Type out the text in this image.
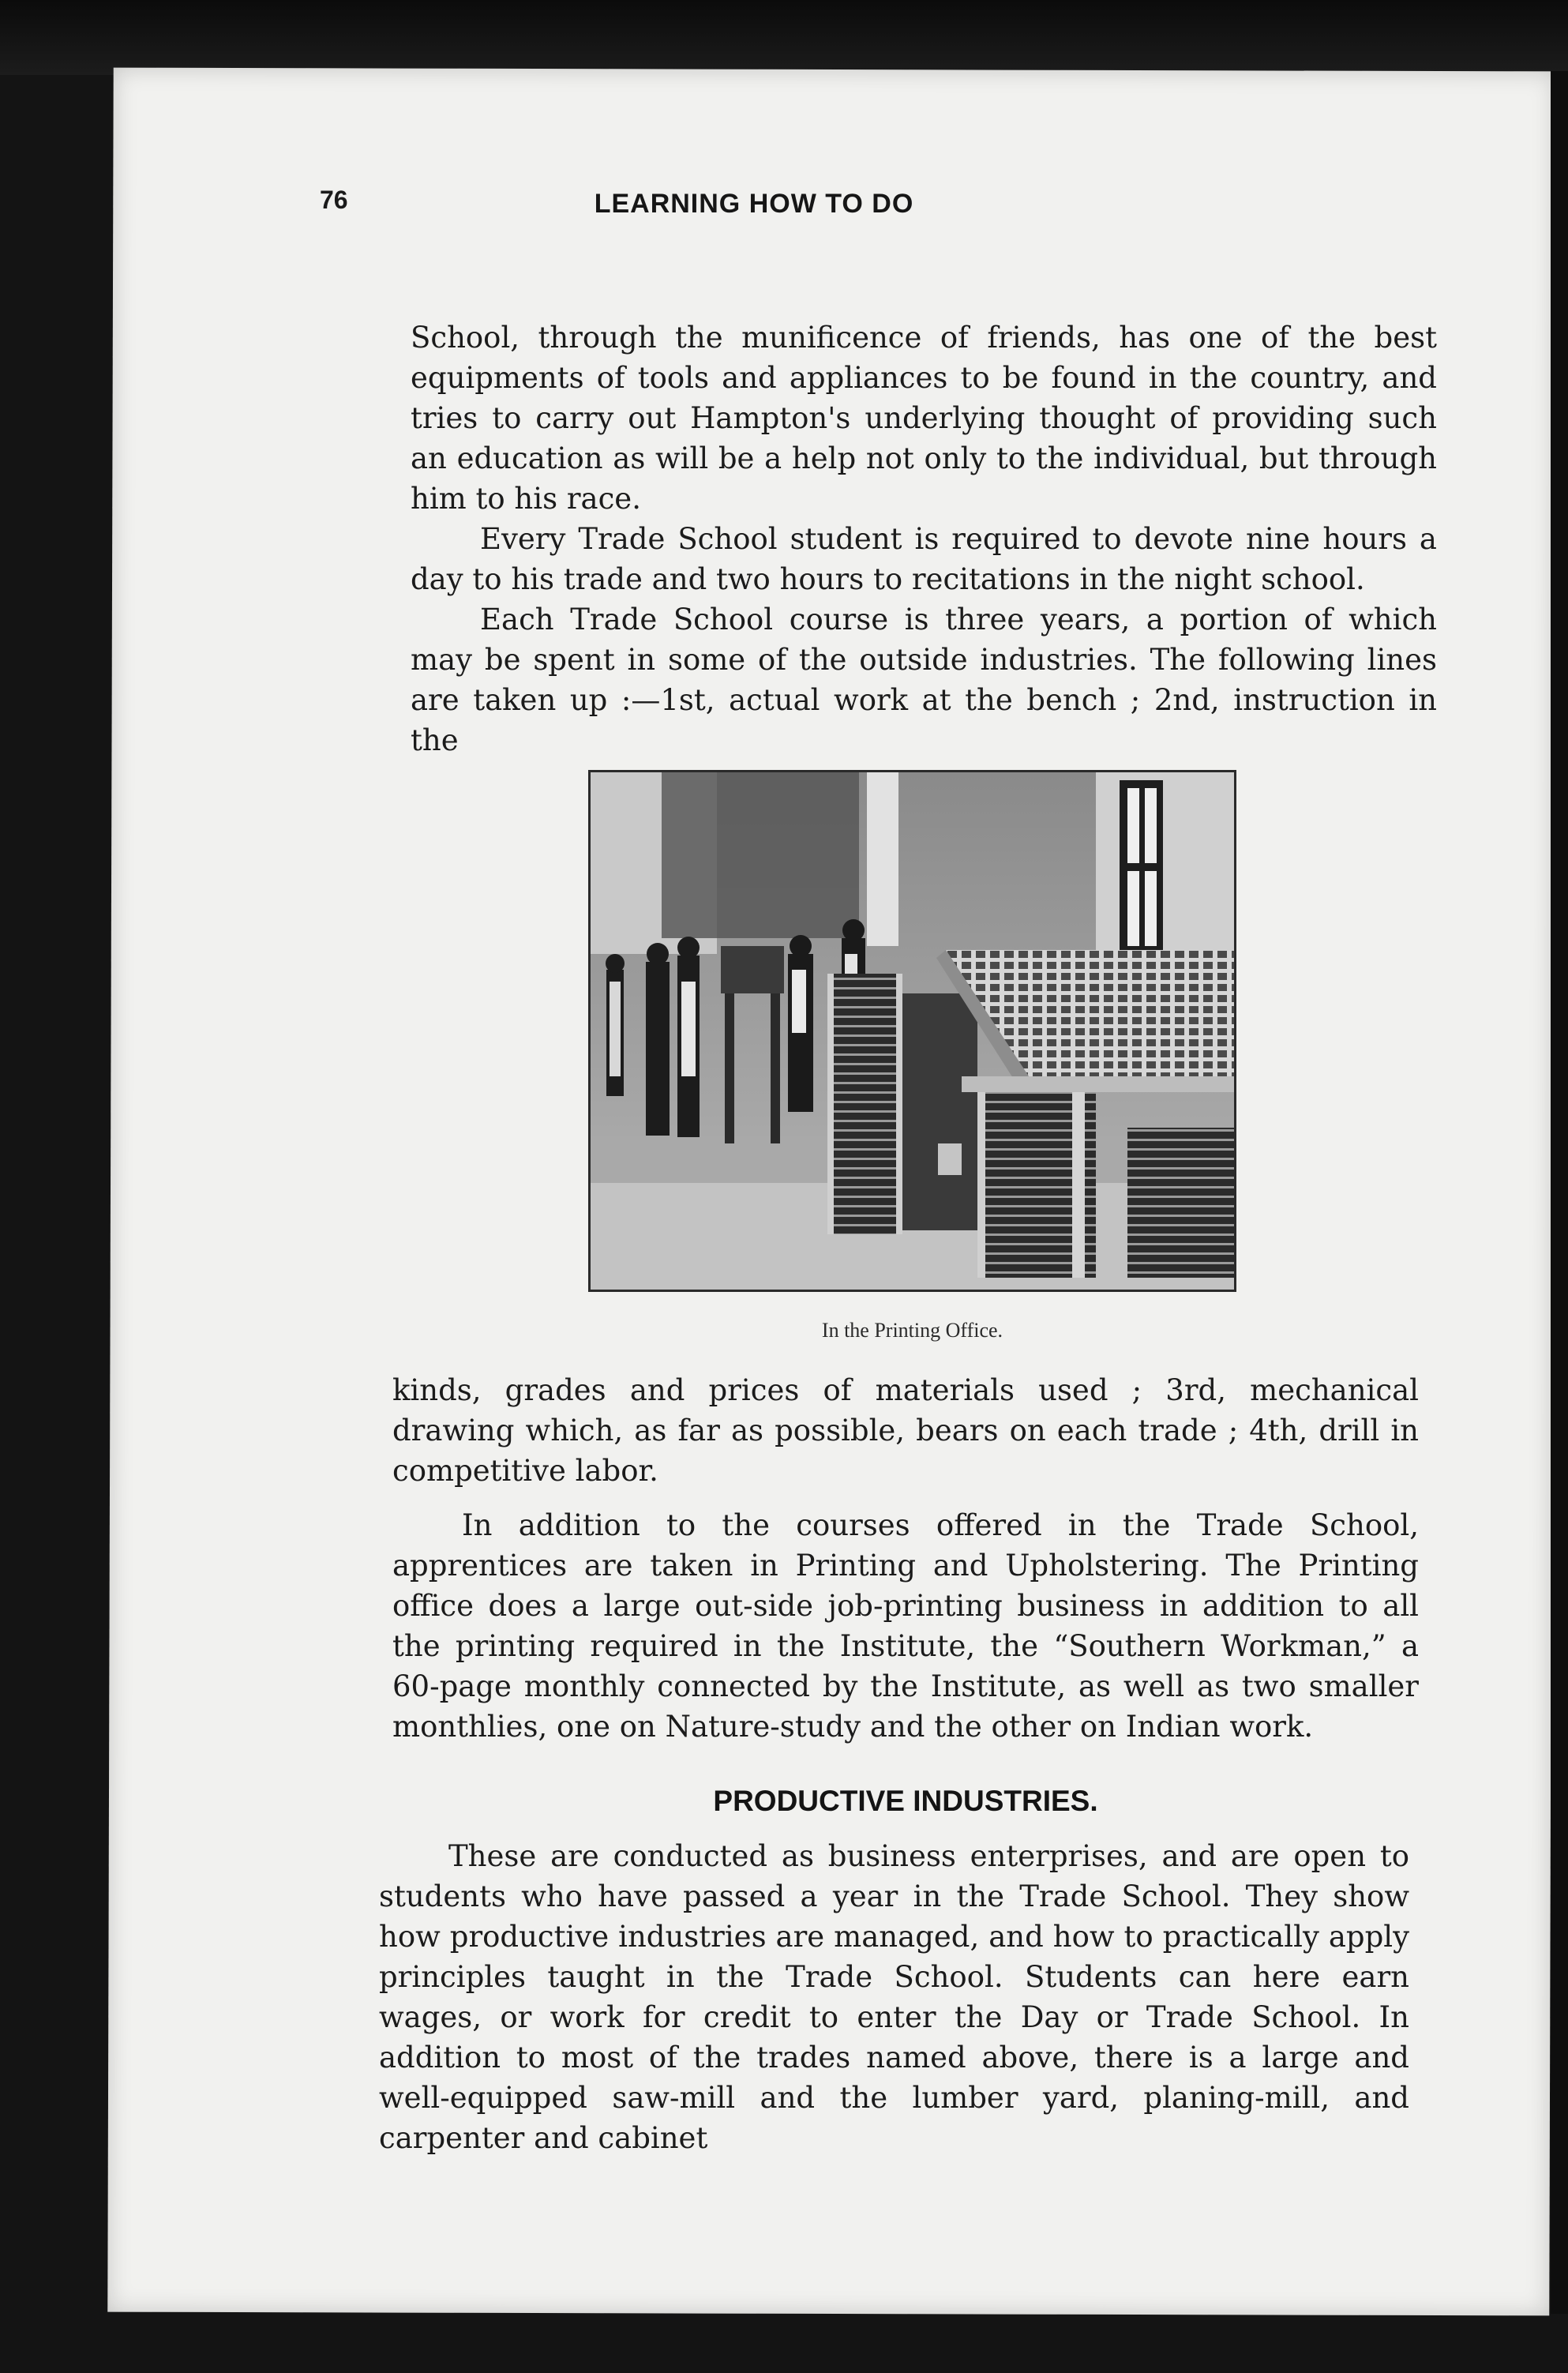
76	LEARNING HOW TO DO

School, through the munificence of friends, has one of the best equipments of tools and appliances to be found in the country, and tries to carry out Hampton's underlying thought of providing such an education as will be a help not only to the individual, but through him to his race.

Every Trade School student is required to devote nine hours a day to his trade and two hours to recitations in the night school.

Each Trade School course is three years, a portion of which may be spent in some of the outside industries. The following lines are taken up :—1st, actual work at the bench ; 2nd, instruction in the

In the Printing Office.

kinds, grades and prices of materials used ; 3rd, mechanical drawing which, as far as possible, bears on each trade ; 4th, drill in competitive labor.

In addition to the courses offered in the Trade School, apprentices are taken in Printing and Upholstering. The Printing office does a large out-side job-printing business in addition to all the printing required in the Institute, the “Southern Workman,” a 60-page monthly connected by the Institute, as well as two smaller monthlies, one on Nature-study and the other on Indian work.

PRODUCTIVE INDUSTRIES.

These are conducted as business enterprises, and are open to students who have passed a year in the Trade School. They show how productive industries are managed, and how to practically apply principles taught in the Trade School. Students can here earn wages, or work for credit to enter the Day or Trade School. In addition to most of the trades named above, there is a large and well-equipped saw-mill and the lumber yard, planing-mill, and carpenter and cabinet
